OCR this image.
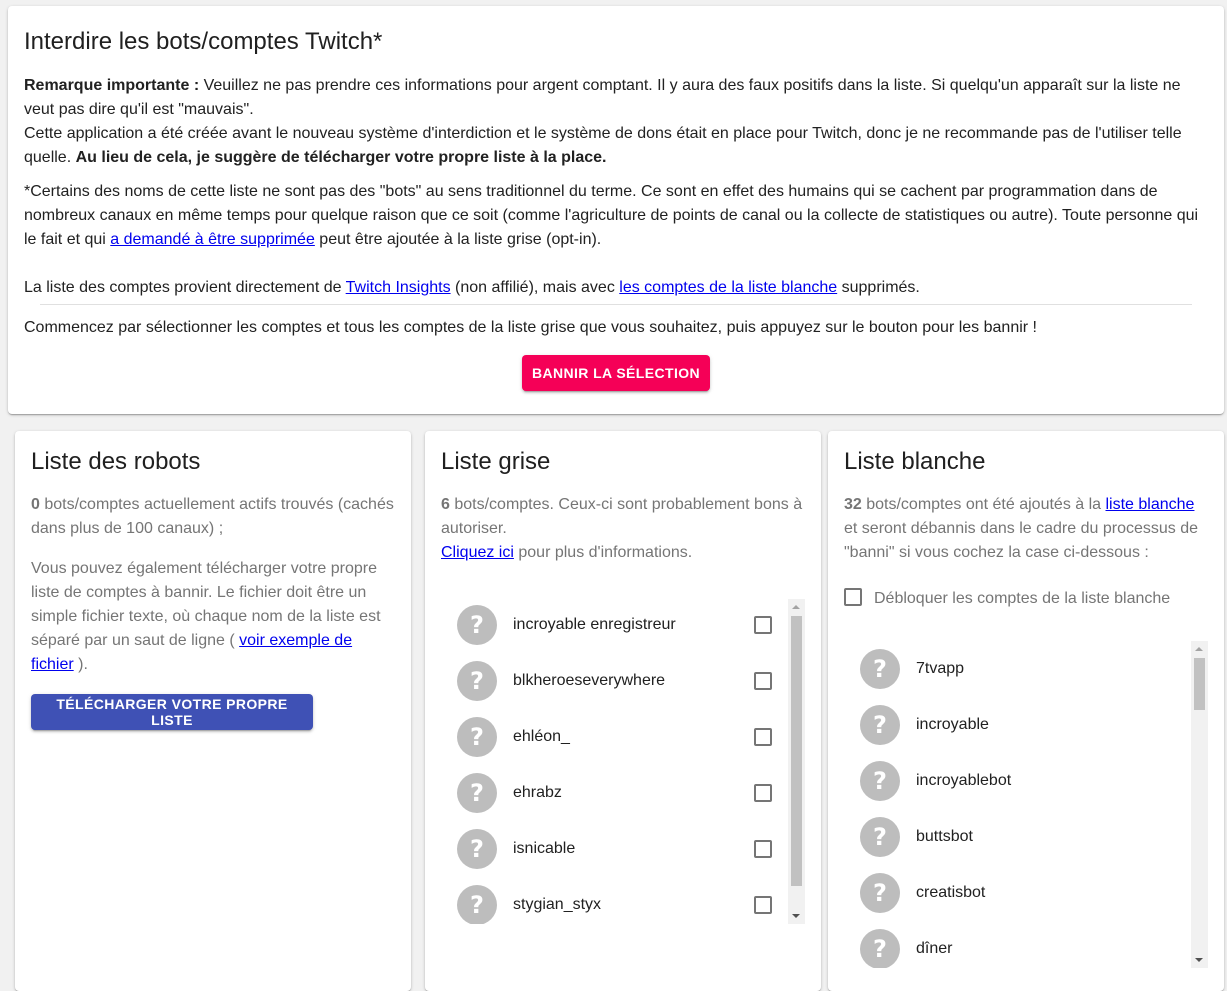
Interdire les bots/comptes Twitch*
Remarque importante : Veuillez ne pas prendre ces informations pour argent comptant. Il y aura des faux positifs dans la liste. Si quelqu'un apparaît sur la liste ne veut pas dire qu'il est "mauvais".
Cette application a été créée avant le nouveau système d'interdiction et le système de dons était en place pour Twitch, donc je ne recommande pas de l'utiliser telle quelle. Au lieu de cela, je suggère de télécharger votre propre liste à la place.
*Certains des noms de cette liste ne sont pas des "bots" au sens traditionnel du terme. Ce sont en effet des humains qui se cachent par programmation dans de nombreux canaux en même temps pour quelque raison que ce soit (comme l'agriculture de points de canal ou la collecte de statistiques ou autre). Toute personne qui le fait et qui a demandé à être supprimée peut être ajoutée à la liste grise (opt-in).
La liste des comptes provient directement de Twitch Insights (non affilié), mais avec les comptes de la liste blanche supprimés.
Commencez par sélectionner les comptes et tous les comptes de la liste grise que vous souhaitez, puis appuyez sur le bouton pour les bannir !
BANNIR LA SÉLECTION
Liste des robots
0 bots/comptes actuellement actifs trouvés (cachés dans plus de 100 canaux) ;
Vous pouvez également télécharger votre propre liste de comptes à bannir. Le fichier doit être un simple fichier texte, où chaque nom de la liste est séparé par un saut de ligne ( voir exemple de fichier ).
TÉLÉCHARGER VOTRE PROPRE LISTE
Liste grise
6 bots/comptes. Ceux-ci sont probablement bons à autoriser.
Cliquez ici pour plus d'informations.
?	incroyable enregistreur
?	blkheroeseverywhere
?	ehléon_
?	ehrabz
?	isnicable
?	stygian_styx
Liste blanche
32 bots/comptes ont été ajoutés à la liste blanche et seront débannis dans le cadre du processus de "banni" si vous cochez la case ci-dessous :
Débloquer les comptes de la liste blanche
?	7tvapp
?	incroyable
?	incroyablebot
?	buttsbot
?	creatisbot
?	dîner
